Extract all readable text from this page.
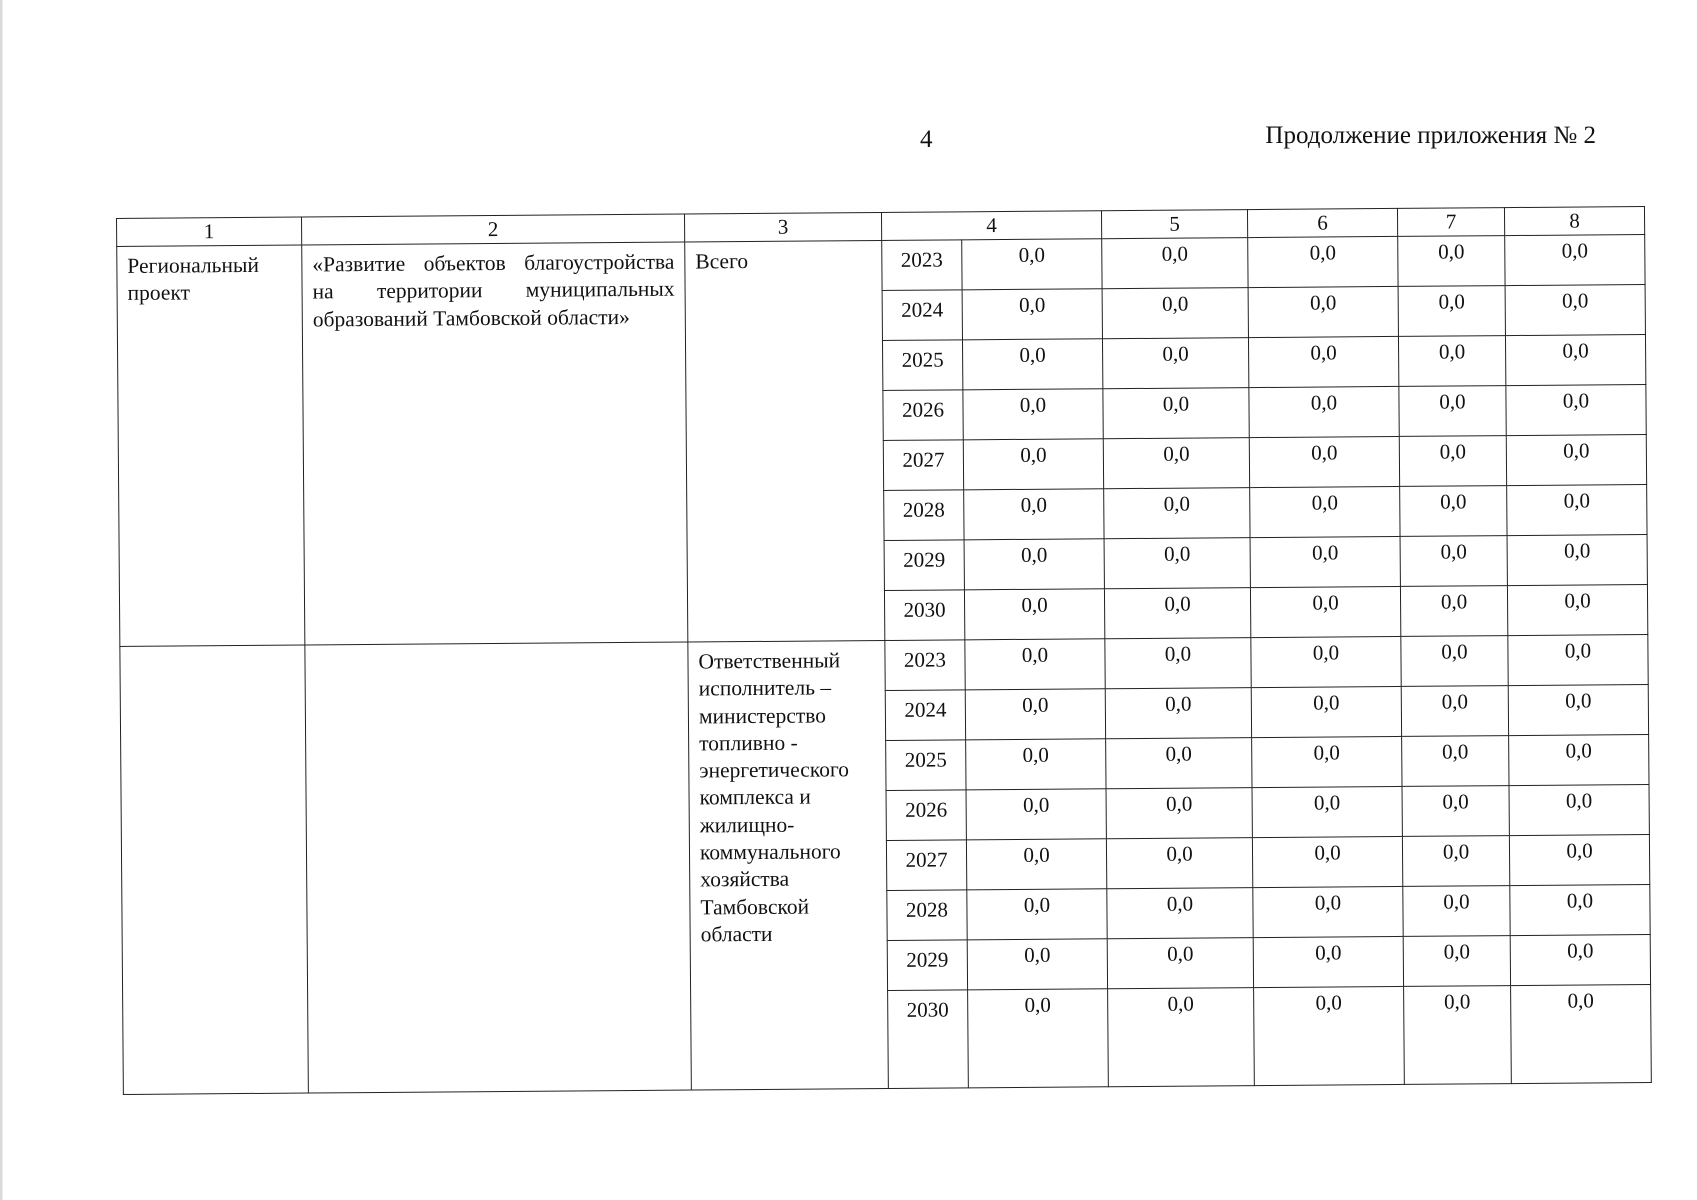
4	Продолжение приложения № 2
1	2	3	4		5	6	7	8
Региональный проект	«Развитие объектов благоустройства на территории муниципальных образований Тамбовской области»	Всего	2023	0,0	0,0	0,0	0,0	0,0
			2024	0,0	0,0	0,0	0,0	0,0
			2025	0,0	0,0	0,0	0,0	0,0
			2026	0,0	0,0	0,0	0,0	0,0
			2027	0,0	0,0	0,0	0,0	0,0
			2028	0,0	0,0	0,0	0,0	0,0
			2029	0,0	0,0	0,0	0,0	0,0
			2030	0,0	0,0	0,0	0,0	0,0
		Ответственный исполнитель – министерство топливно - энергетического комплекса и жилищно-коммунального хозяйства Тамбовской области	2023	0,0	0,0	0,0	0,0	0,0
			2024	0,0	0,0	0,0	0,0	0,0
			2025	0,0	0,0	0,0	0,0	0,0
			2026	0,0	0,0	0,0	0,0	0,0
			2027	0,0	0,0	0,0	0,0	0,0
			2028	0,0	0,0	0,0	0,0	0,0
			2029	0,0	0,0	0,0	0,0	0,0
			2030	0,0	0,0	0,0	0,0	0,0
